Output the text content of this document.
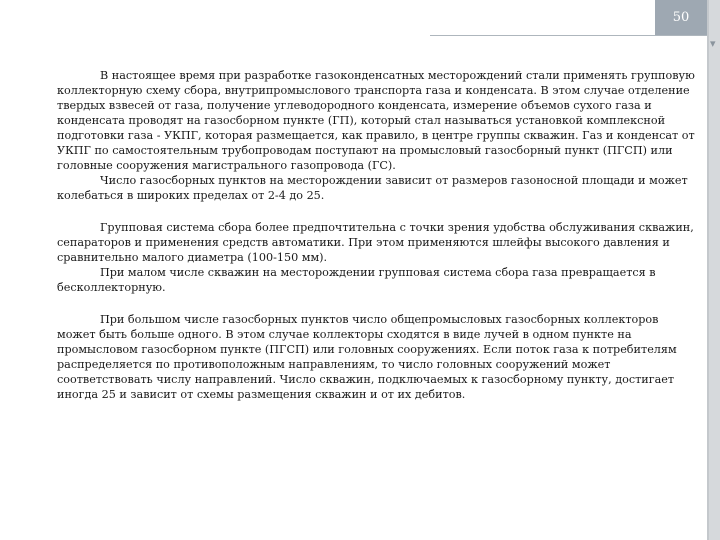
50
▾

В настоящее время при разработке газоконденсатных месторождений стали применять групповую коллекторную схему сбора, внутрипромыслового транспорта газа и конденсата. В этом случае отделение твердых взвесей от газа, получение углеводородного конденсата, измерение объемов сухого газа и конденсата проводят на газосборном пункте (ГП), который стал называться установкой комплексной подготовки газа - УКПГ, которая размещается, как правило, в центре группы скважин. Газ и конденсат от УКПГ по самостоятельным трубопроводам поступают на промысловый газосборный пункт (ПГСП) или головные сооружения магистрального газопровода (ГС).

Число газосборных пунктов на месторождении зависит от размеров газоносной площади и может колебаться в широких пределах от 2-4 до 25.

Групповая система сбора более предпочтительна с точки зрения удобства обслуживания скважин, сепараторов и применения средств автоматики. При этом применяются шлейфы высокого давления и сравнительно малого диаметра (100-150 мм).

При малом числе скважин на месторождении групповая система сбора газа превращается в бесколлекторную.

При большом числе газосборных пунктов число общепромысловых газосборных коллекторов может быть больше одного. В этом случае коллекторы сходятся в виде лучей в одном пункте на промысловом газосборном пункте (ПГСП) или головных сооружениях. Если поток газа к потребителям распределяется по противоположным направлениям, то число головных сооружений может соответствовать числу направлений. Число скважин, подключаемых к газосборному пункту, достигает иногда 25 и зависит от схемы размещения скважин и от их дебитов.
